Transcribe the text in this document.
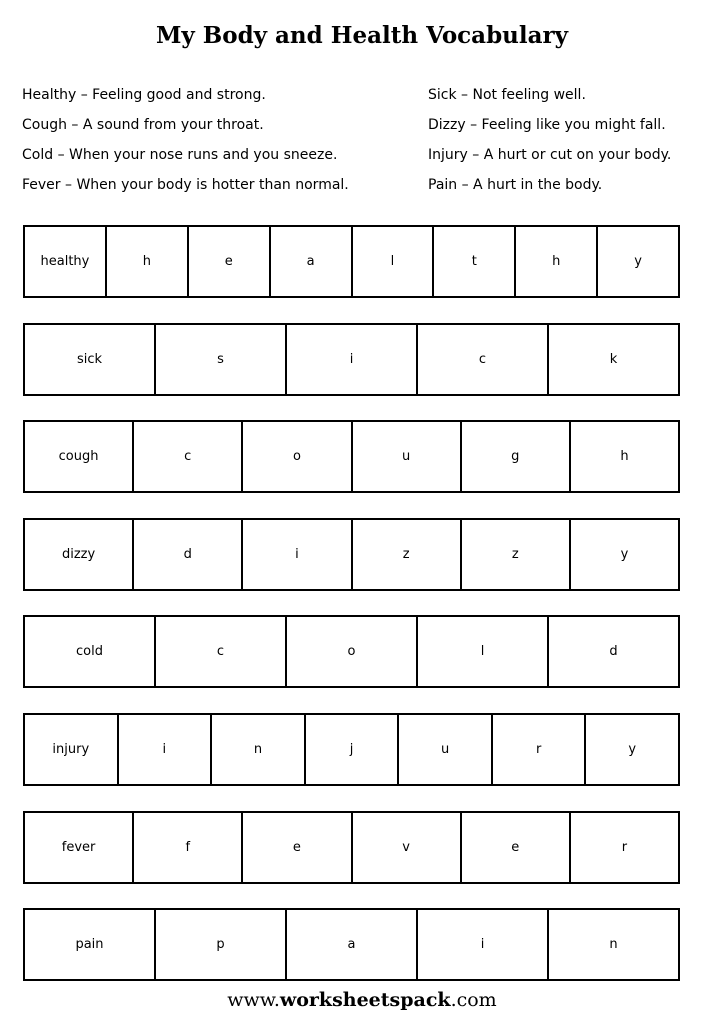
My Body and Health Vocabulary
Healthy – Feeling good and strong.
Cough – A sound from your throat.
Cold – When your nose runs and you sneeze.
Fever – When your body is hotter than normal.
Sick – Not feeling well.
Dizzy – Feeling like you might fall.
Injury – A hurt or cut on your body.
Pain – A hurt in the body.
healthy	h	e	a	l	t	h	y
sick	s	i	c	k
cough	c	o	u	g	h
dizzy	d	i	z	z	y
cold	c	o	l	d
injury	i	n	j	u	r	y
fever	f	e	v	e	r
pain	p	a	i	n
www.worksheetspack.com
